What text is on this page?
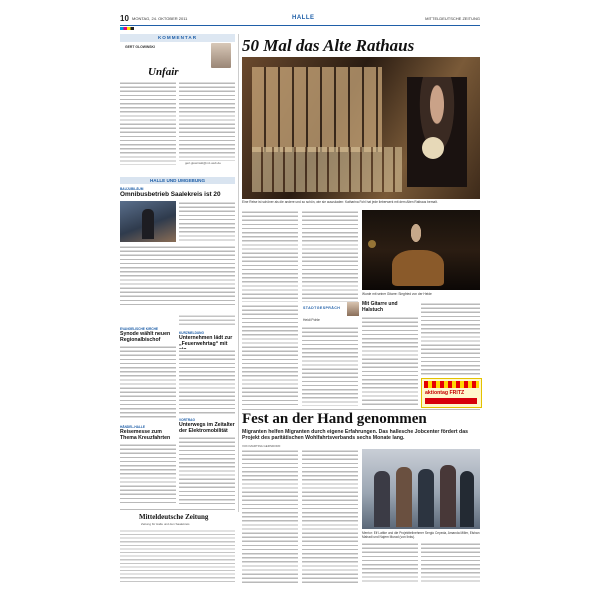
10 MONTAG, 24. OKTOBER 2011	HALLE	MITTELDEUTSCHE ZEITUNG
KOMMENTAR
GERT GLOWINSKI
Unfair
gert.glowinski@mz-web.de
HALLE UND UMGEBUNG
BAUJUBILÄUM
Omnibusbetrieb Saalekreis ist 20
EVANGELISCHE KIRCHE
Synode wählt neuen Regionalbischof
HÄNDEL-HALLE
Reisemesse zum Thema Kreuzfahrten
KURZMELDUNG
Unternehmen lädt zur „Feuerwehrtag“ mit
VORTRAG
Unterwegs im Zeitalter der Elektromobilität
50 Mal das Alte Rathaus
Eine Reise ist schöner als die andere und so schön, wie sie auszuladen: Katharina Fohl hat jede lieberwerk mit dem Alten Rathaus bemalt.
Wurde mit seiner Gitarre: Siegfried von der Heide
STADTGESPRÄCH
Heidi Pohle
Mit Gitarre und Halstuch
aktiontag FRITZ
Fest an der Hand genommen
Migranten helfen Migranten durch eigene Erfahrungen. Das hallesche Jobcenter fördert das Projekt des paritätischen Wohlfahrtsverbands sechs Monate lang.
VON MARTINA GERSDORF
Mentor: Elf Lattke und die Projektteilnehmer Sergio Cepeda, Amanda Miller, Elshan Mahadi und Najem Murad (von links).
Mitteldeutsche Zeitung
Zeitung für Halle und den Saalekreis
